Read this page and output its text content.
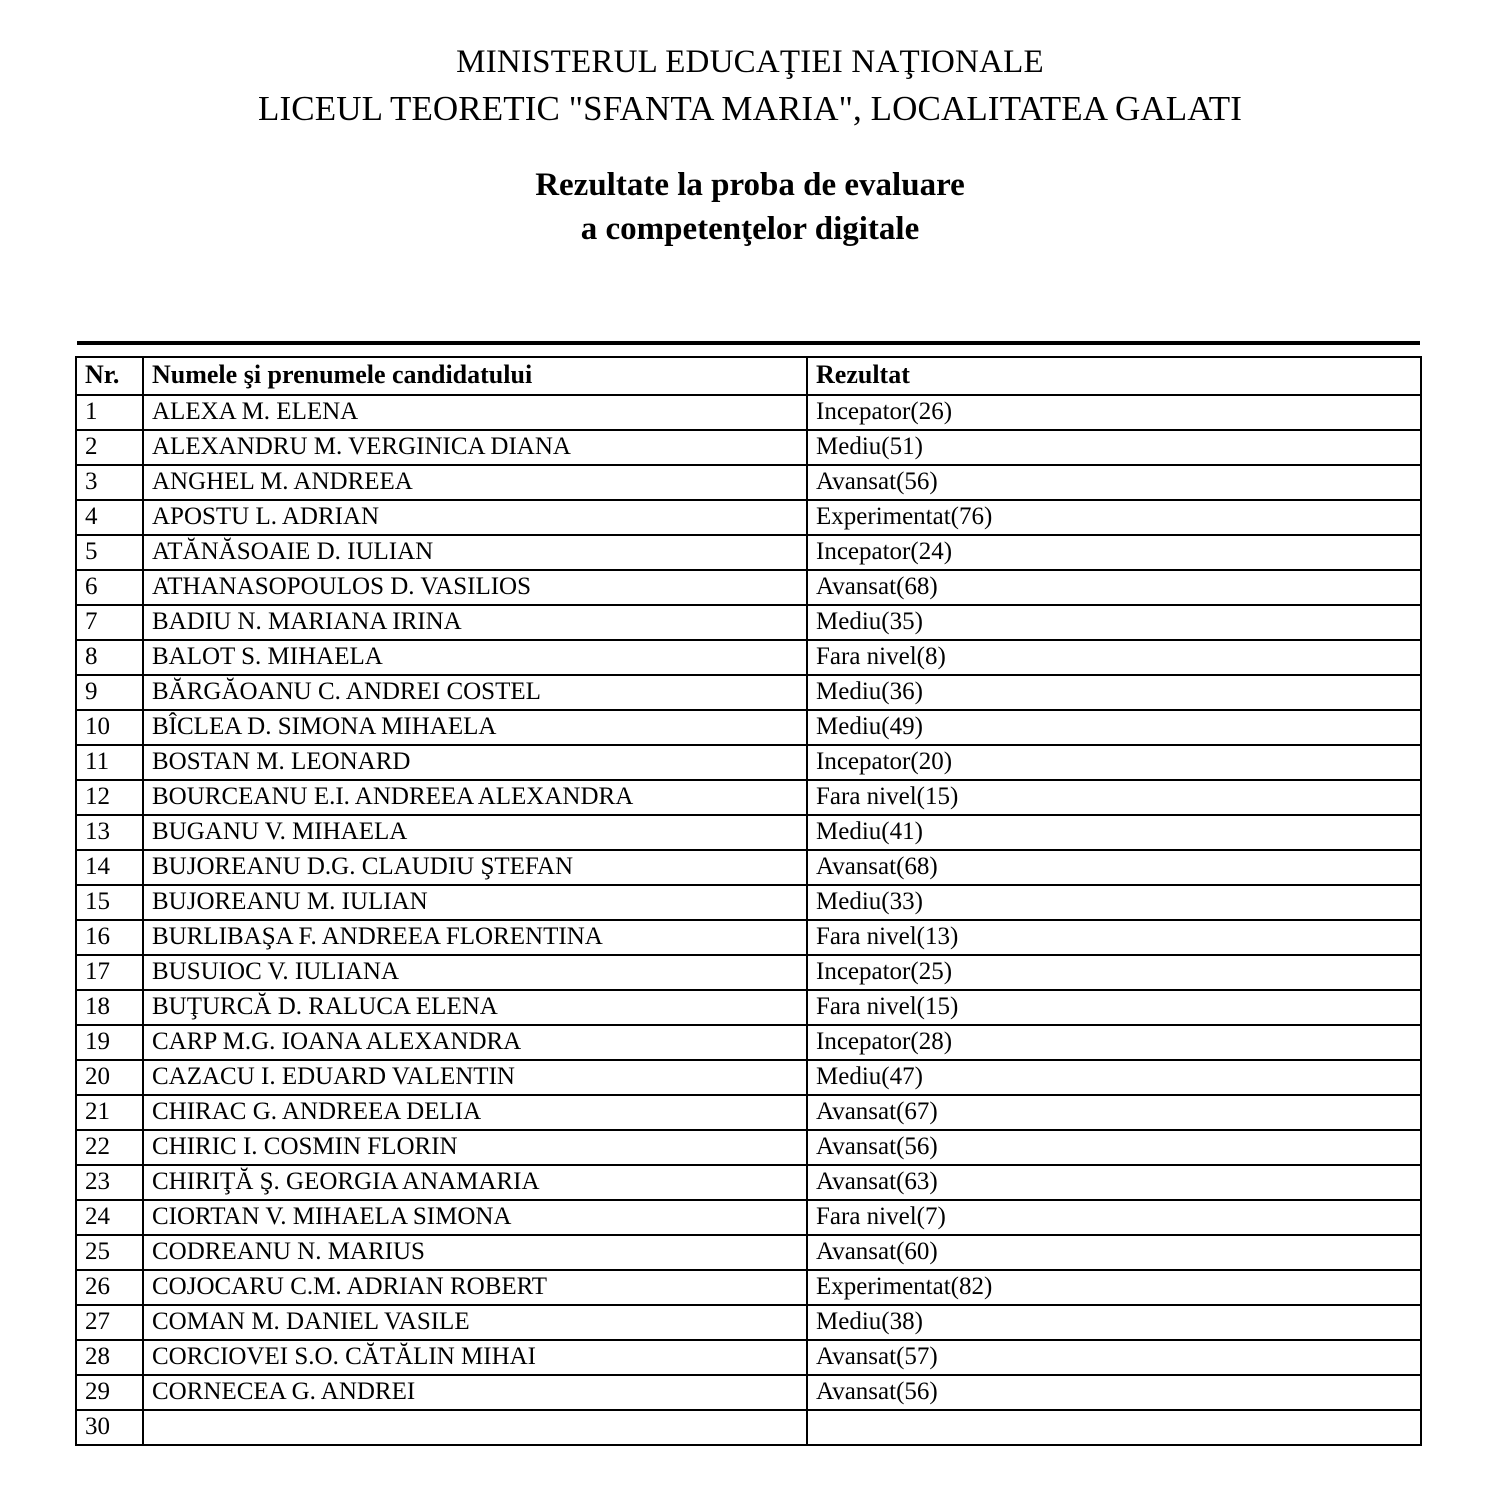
MINISTERUL EDUCAŢIEI NAŢIONALE
LICEUL TEORETIC "SFANTA MARIA", LOCALITATEA GALATI
Rezultate la proba de evaluare
a competenţelor digitale
Nr.	Numele şi prenumele candidatului	Rezultat
1	ALEXA M. ELENA	Incepator(26)
2	ALEXANDRU M. VERGINICA DIANA	Mediu(51)
3	ANGHEL M. ANDREEA	Avansat(56)
4	APOSTU L. ADRIAN	Experimentat(76)
5	ATĂNĂSOAIE D. IULIAN	Incepator(24)
6	ATHANASOPOULOS D. VASILIOS	Avansat(68)
7	BADIU N. MARIANA IRINA	Mediu(35)
8	BALOT S. MIHAELA	Fara nivel(8)
9	BĂRGĂOANU C. ANDREI COSTEL	Mediu(36)
10	BÎCLEA D. SIMONA MIHAELA	Mediu(49)
11	BOSTAN M. LEONARD	Incepator(20)
12	BOURCEANU E.I. ANDREEA ALEXANDRA	Fara nivel(15)
13	BUGANU V. MIHAELA	Mediu(41)
14	BUJOREANU D.G. CLAUDIU ŞTEFAN	Avansat(68)
15	BUJOREANU M. IULIAN	Mediu(33)
16	BURLIBAŞA F. ANDREEA FLORENTINA	Fara nivel(13)
17	BUSUIOC V. IULIANA	Incepator(25)
18	BUŢURCĂ D. RALUCA ELENA	Fara nivel(15)
19	CARP M.G. IOANA ALEXANDRA	Incepator(28)
20	CAZACU I. EDUARD VALENTIN	Mediu(47)
21	CHIRAC G. ANDREEA DELIA	Avansat(67)
22	CHIRIC I. COSMIN FLORIN	Avansat(56)
23	CHIRIŢĂ Ş. GEORGIA ANAMARIA	Avansat(63)
24	CIORTAN V. MIHAELA SIMONA	Fara nivel(7)
25	CODREANU N. MARIUS	Avansat(60)
26	COJOCARU C.M. ADRIAN ROBERT	Experimentat(82)
27	COMAN M. DANIEL VASILE	Mediu(38)
28	CORCIOVEI S.O. CĂTĂLIN MIHAI	Avansat(57)
29	CORNECEA G. ANDREI	Avansat(56)
30		
